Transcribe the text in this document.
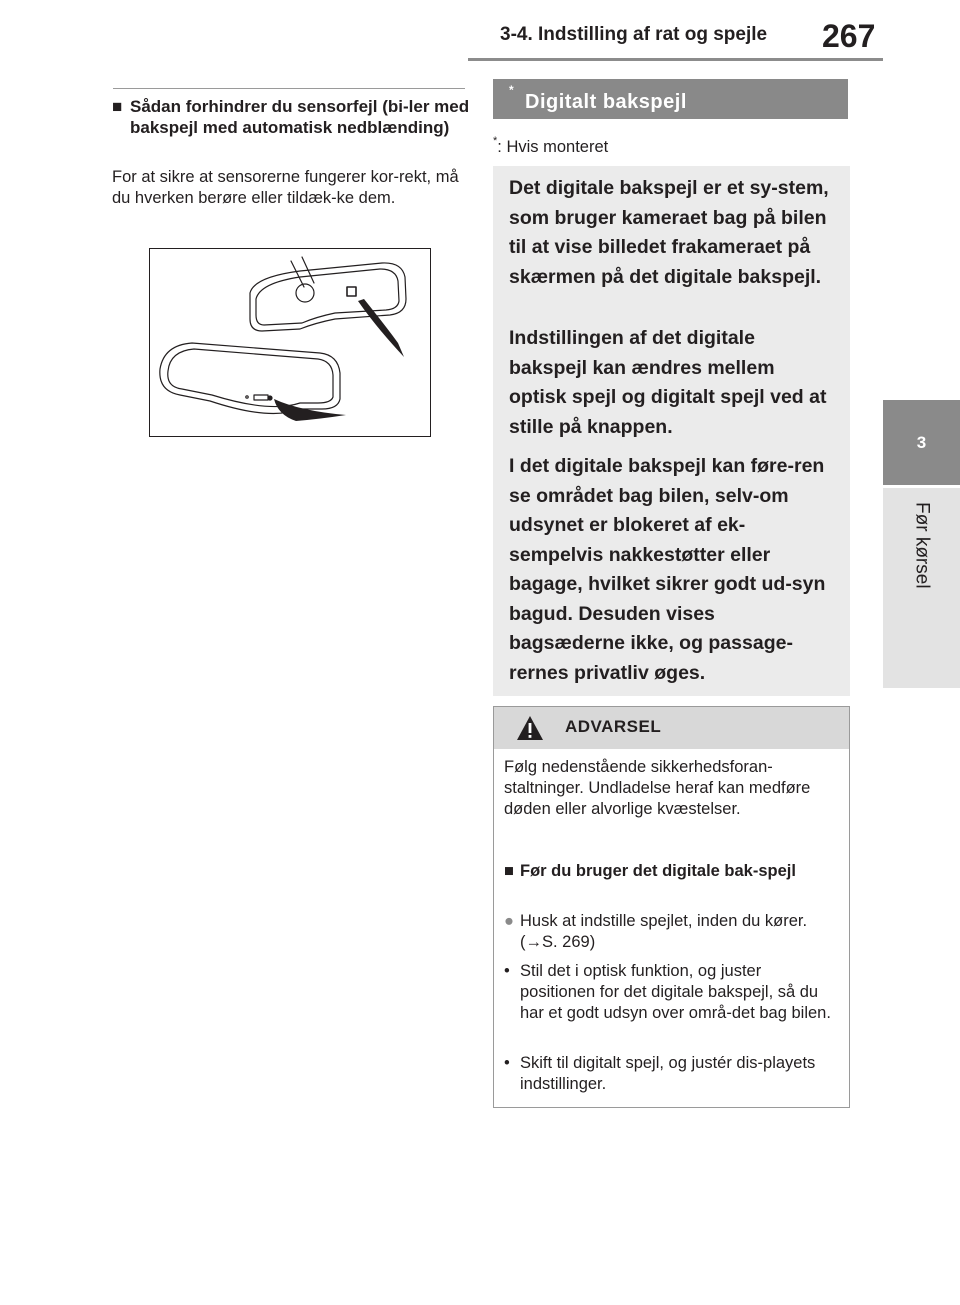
3-4. Indstilling af rat og spejle 267
3
Før kørsel
■ Sådan forhindrer du sensorfejl (bi-ler med bakspejl med automatisk nedblænding)
For at sikre at sensorerne fungerer kor-rekt, må du hverken berøre eller tildæk-ke dem.
Digitalt bakspejl
*
*: Hvis monteret
Det digitale bakspejl er et sy-stem, som bruger kameraet bag på bilen til at vise billedet frakameraet på skærmen på det digitale bakspejl.
Indstillingen af det digitale bakspejl kan ændres mellem optisk spejl og digitalt spejl ved at stille på knappen.
I det digitale bakspejl kan føre-ren se området bag bilen, selv-om udsynet er blokeret af ek-sempelvis nakkestøtter eller bagage, hvilket sikrer godt ud-syn bagud. Desuden vises bagsæderne ikke, og passage-rernes privatliv øges.
ADVARSEL
Følg nedenstående sikkerhedsforan-staltninger. Undladelse heraf kan medføre døden eller alvorlige kvæstelser.
■ Før du bruger det digitale bak-spejl
● Husk at indstille spejlet, inden du kører. (→S. 269)
• Stil det i optisk funktion, og juster positionen for det digitale bakspejl, så du har et godt udsyn over områ-det bag bilen.
• Skift til digitalt spejl, og justér dis-playets indstillinger.
